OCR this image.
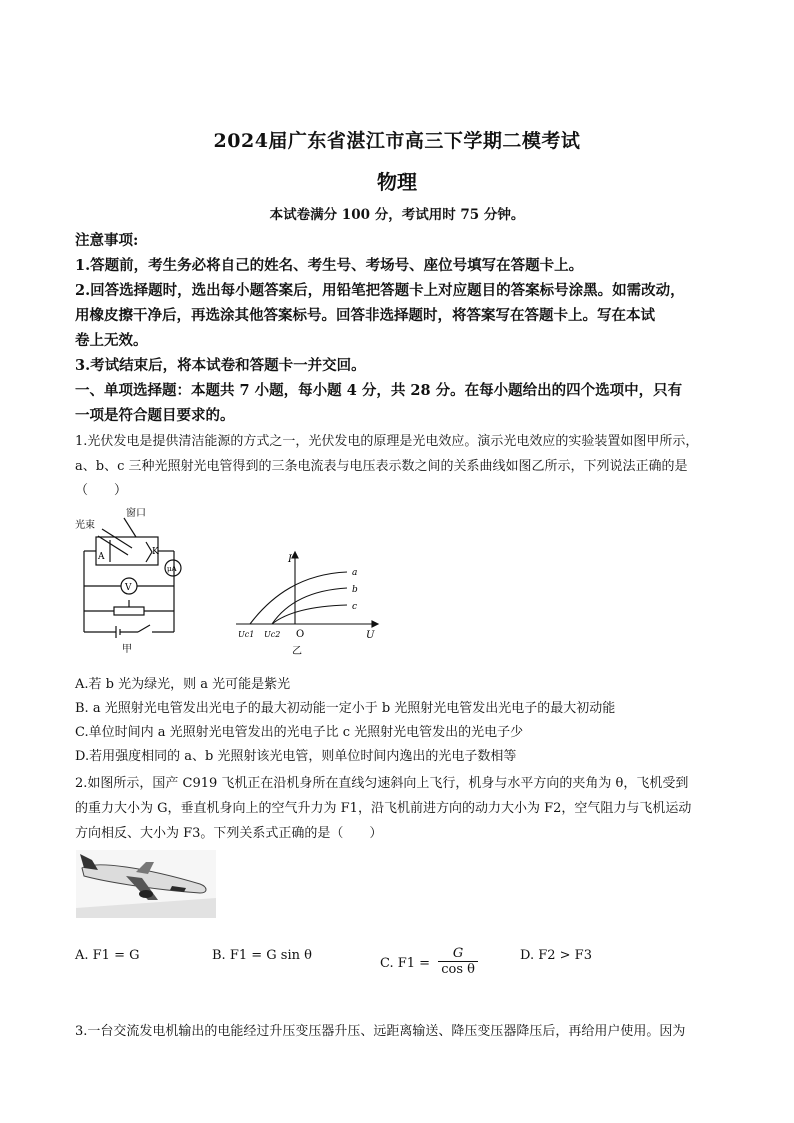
2024届广东省湛江市高三下学期二模考试
物理
本试卷满分 100 分，考试用时 75 分钟。
注意事项:
1.答题前，考生务必将自己的姓名、考生号、考场号、座位号填写在答题卡上。
2.回答选择题时，选出每小题答案后，用铅笔把答题卡上对应题目的答案标号涂黑。如需改动，
用橡皮擦干净后，再选涂其他答案标号。回答非选择题时，将答案写在答题卡上。写在本试
卷上无效。
3.考试结束后，将本试卷和答题卡一并交回。
一、单项选择题：本题共 7 小题，每小题 4 分，共 28 分。在每小题给出的四个选项中，只有
一项是符合题目要求的。
1.光伏发电是提供清洁能源的方式之一，光伏发电的原理是光电效应。演示光电效应的实验装置如图甲所示，
a、b、c 三种光照射光电管得到的三条电流表与电压表示数之间的关系曲线如图乙所示，下列说法正确的是
（　　）
窗口
光束
A	K
V
μA
甲
I
U
O
Uc1 Uc2
a
b
c
乙
A.若 b 光为绿光，则 a 光可能是紫光
B. a 光照射光电管发出光电子的最大初动能一定小于 b 光照射光电管发出光电子的最大初动能
C.单位时间内 a 光照射光电管发出的光电子比 c 光照射光电管发出的光电子少
D.若用强度相同的 a、b 光照射该光电管，则单位时间内逸出的光电子数相等
2.如图所示，国产 C919 飞机正在沿机身所在直线匀速斜向上飞行，机身与水平方向的夹角为 θ，飞机受到
的重力大小为 G，垂直机身向上的空气升力为 F1，沿飞机前进方向的动力大小为 F2，空气阻力与飞机运动
方向相反、大小为 F3。下列关系式正确的是（　　）
A. F1 = G	B. F1 = G sin θ
C. $F1 = \frac{G}{\text{cos θ}}$	D. F2 > F3
3.一台交流发电机输出的电能经过升压变压器升压、远距离输送、降压变压器降压后，再给用户使用。因为
